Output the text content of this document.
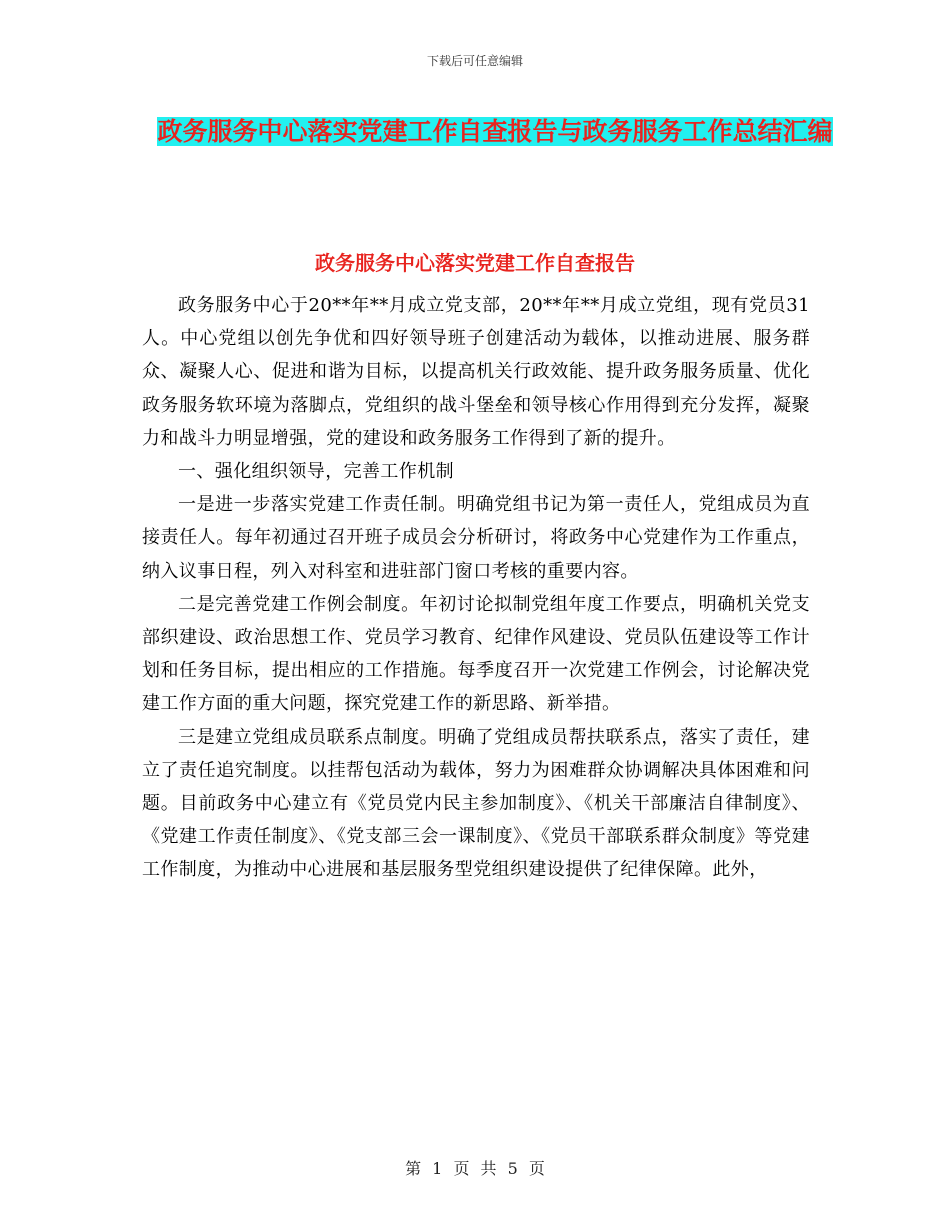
下载后可任意编辑
政务服务中心落实党建工作自查报告与政务服务工作总结汇编
政务服务中心落实党建工作自查报告

政务服务中心于20**年**月成立党支部，20**年**月成立党组，现有党员31人。中心党组以创先争优和四好领导班子创建活动为载体，以推动进展、服务群众、凝聚人心、促进和谐为目标，以提高机关行政效能、提升政务服务质量、优化政务服务软环境为落脚点，党组织的战斗堡垒和领导核心作用得到充分发挥，凝聚力和战斗力明显增强，党的建设和政务服务工作得到了新的提升。

一、强化组织领导，完善工作机制

一是进一步落实党建工作责任制。明确党组书记为第一责任人，党组成员为直接责任人。每年初通过召开班子成员会分析研讨，将政务中心党建作为工作重点，纳入议事日程，列入对科室和进驻部门窗口考核的重要内容。

二是完善党建工作例会制度。年初讨论拟制党组年度工作要点，明确机关党支部织建设、政治思想工作、党员学习教育、纪律作风建设、党员队伍建设等工作计划和任务目标，提出相应的工作措施。每季度召开一次党建工作例会，讨论解决党建工作方面的重大问题，探究党建工作的新思路、新举措。

三是建立党组成员联系点制度。明确了党组成员帮扶联系点，落实了责任，建立了责任追究制度。以挂帮包活动为载体，努力为困难群众协调解决具体困难和问题。目前政务中心建立有《党员党内民主参加制度》、《机关干部廉洁自律制度》、《党建工作责任制度》、《党支部三会一课制度》、《党员干部联系群众制度》等党建工作制度，为推动中心进展和基层服务型党组织建设提供了纪律保障。此外，

第 1 页 共 5 页
